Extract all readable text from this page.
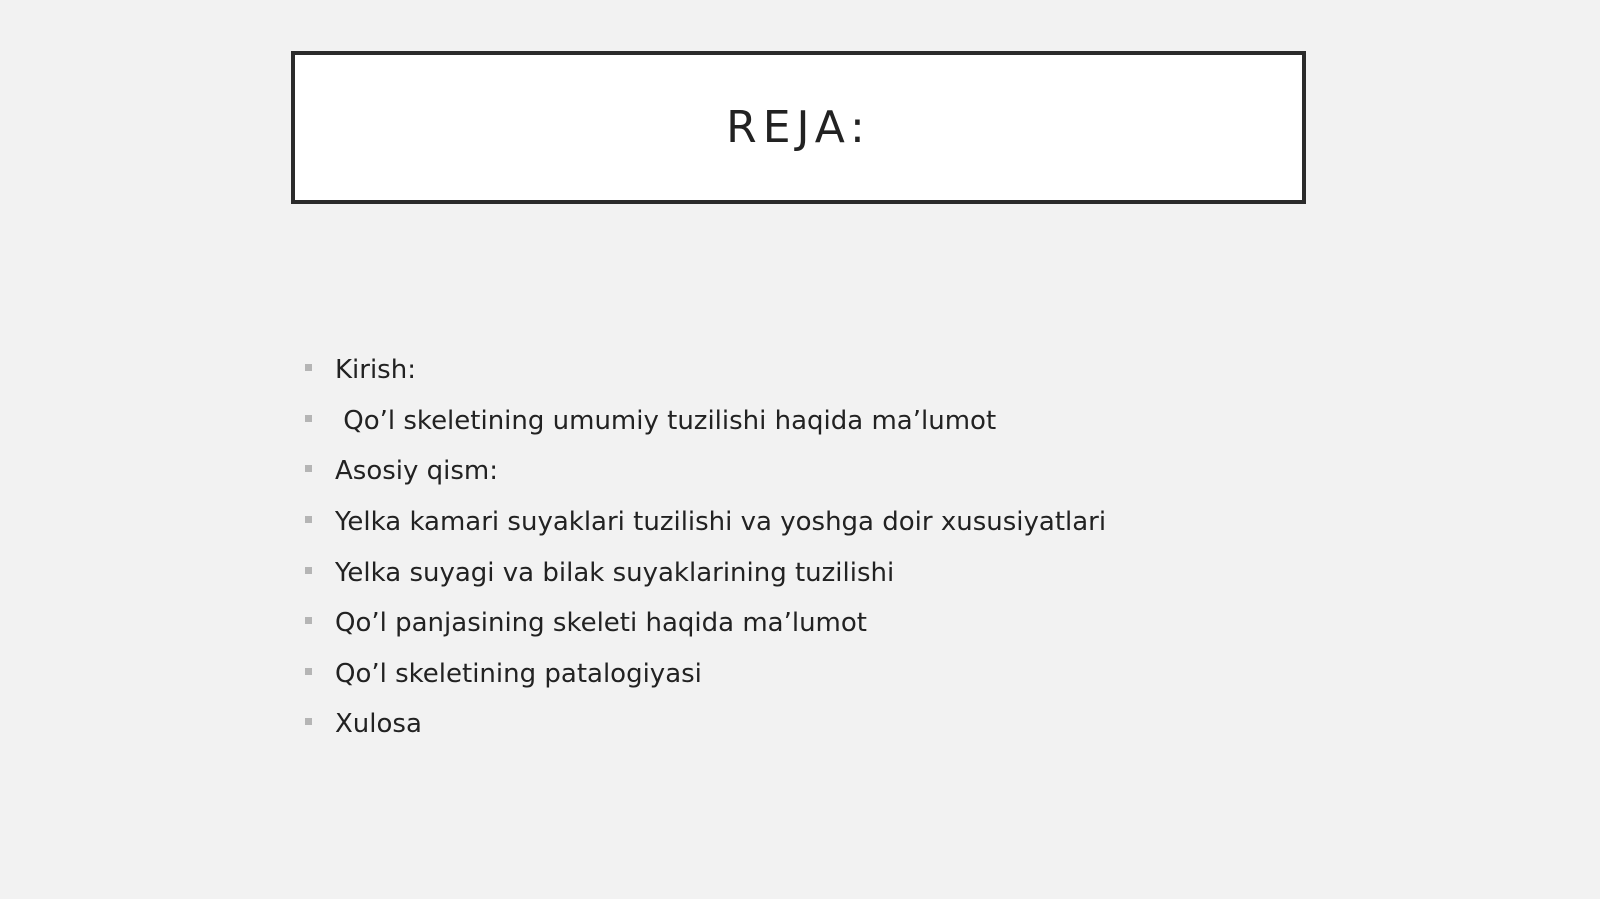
REJA:
Kirish:
Qo’l skeletining umumiy tuzilishi haqida ma’lumot
Asosiy qism:
Yelka kamari suyaklari tuzilishi va yoshga doir xususiyatlari
Yelka suyagi va bilak suyaklarining tuzilishi
Qo’l panjasining skeleti haqida ma’lumot
Qo’l skeletining patalogiyasi
Xulosa
